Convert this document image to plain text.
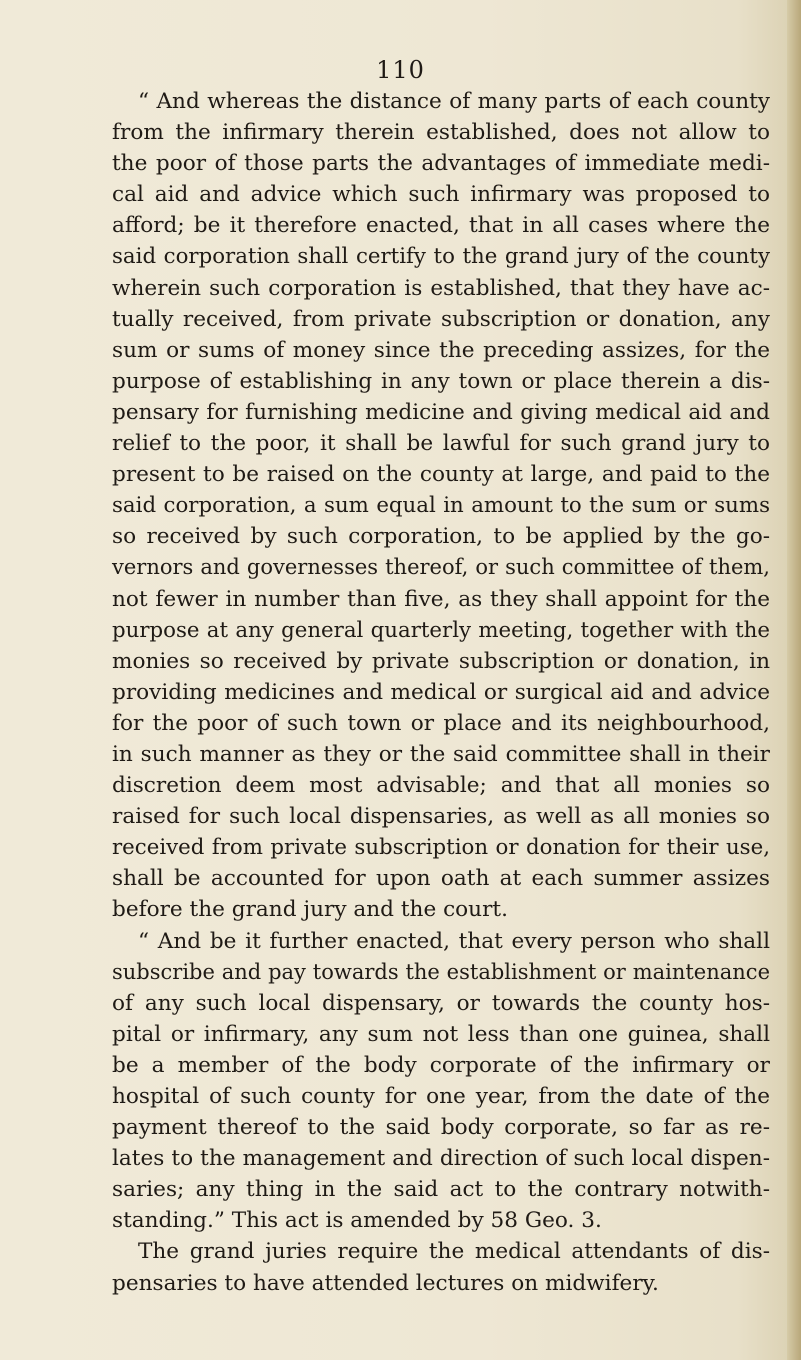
110
“ And whereas the distance of many parts of each county
from the infirmary therein established, does not allow to
the poor of those parts the advantages of immediate medi-
cal aid and advice which such infirmary was proposed to
afford; be it therefore enacted, that in all cases where the
said corporation shall certify to the grand jury of the county
wherein such corporation is established, that they have ac-
tually received, from private subscription or donation, any
sum or sums of money since the preceding assizes, for the
purpose of establishing in any town or place therein a dis-
pensary for furnishing medicine and giving medical aid and
relief to the poor, it shall be lawful for such grand jury to
present to be raised on the county at large, and paid to the
said corporation, a sum equal in amount to the sum or sums
so received by such corporation, to be applied by the go-
vernors and governesses thereof, or such committee of them,
not fewer in number than five, as they shall appoint for the
purpose at any general quarterly meeting, together with the
monies so received by private subscription or donation, in
providing medicines and medical or surgical aid and advice
for the poor of such town or place and its neighbourhood,
in such manner as they or the said committee shall in their
discretion deem most advisable; and that all monies so
raised for such local dispensaries, as well as all monies so
received from private subscription or donation for their use,
shall be accounted for upon oath at each summer assizes
before the grand jury and the court.
“ And be it further enacted, that every person who shall
subscribe and pay towards the establishment or maintenance
of any such local dispensary, or towards the county hos-
pital or infirmary, any sum not less than one guinea, shall
be a member of the body corporate of the infirmary or
hospital of such county for one year, from the date of the
payment thereof to the said body corporate, so far as re-
lates to the management and direction of such local dispen-
saries; any thing in the said act to the contrary notwith-
standing.” This act is amended by 58 Geo. 3.
The grand juries require the medical attendants of dis-
pensaries to have attended lectures on midwifery.
